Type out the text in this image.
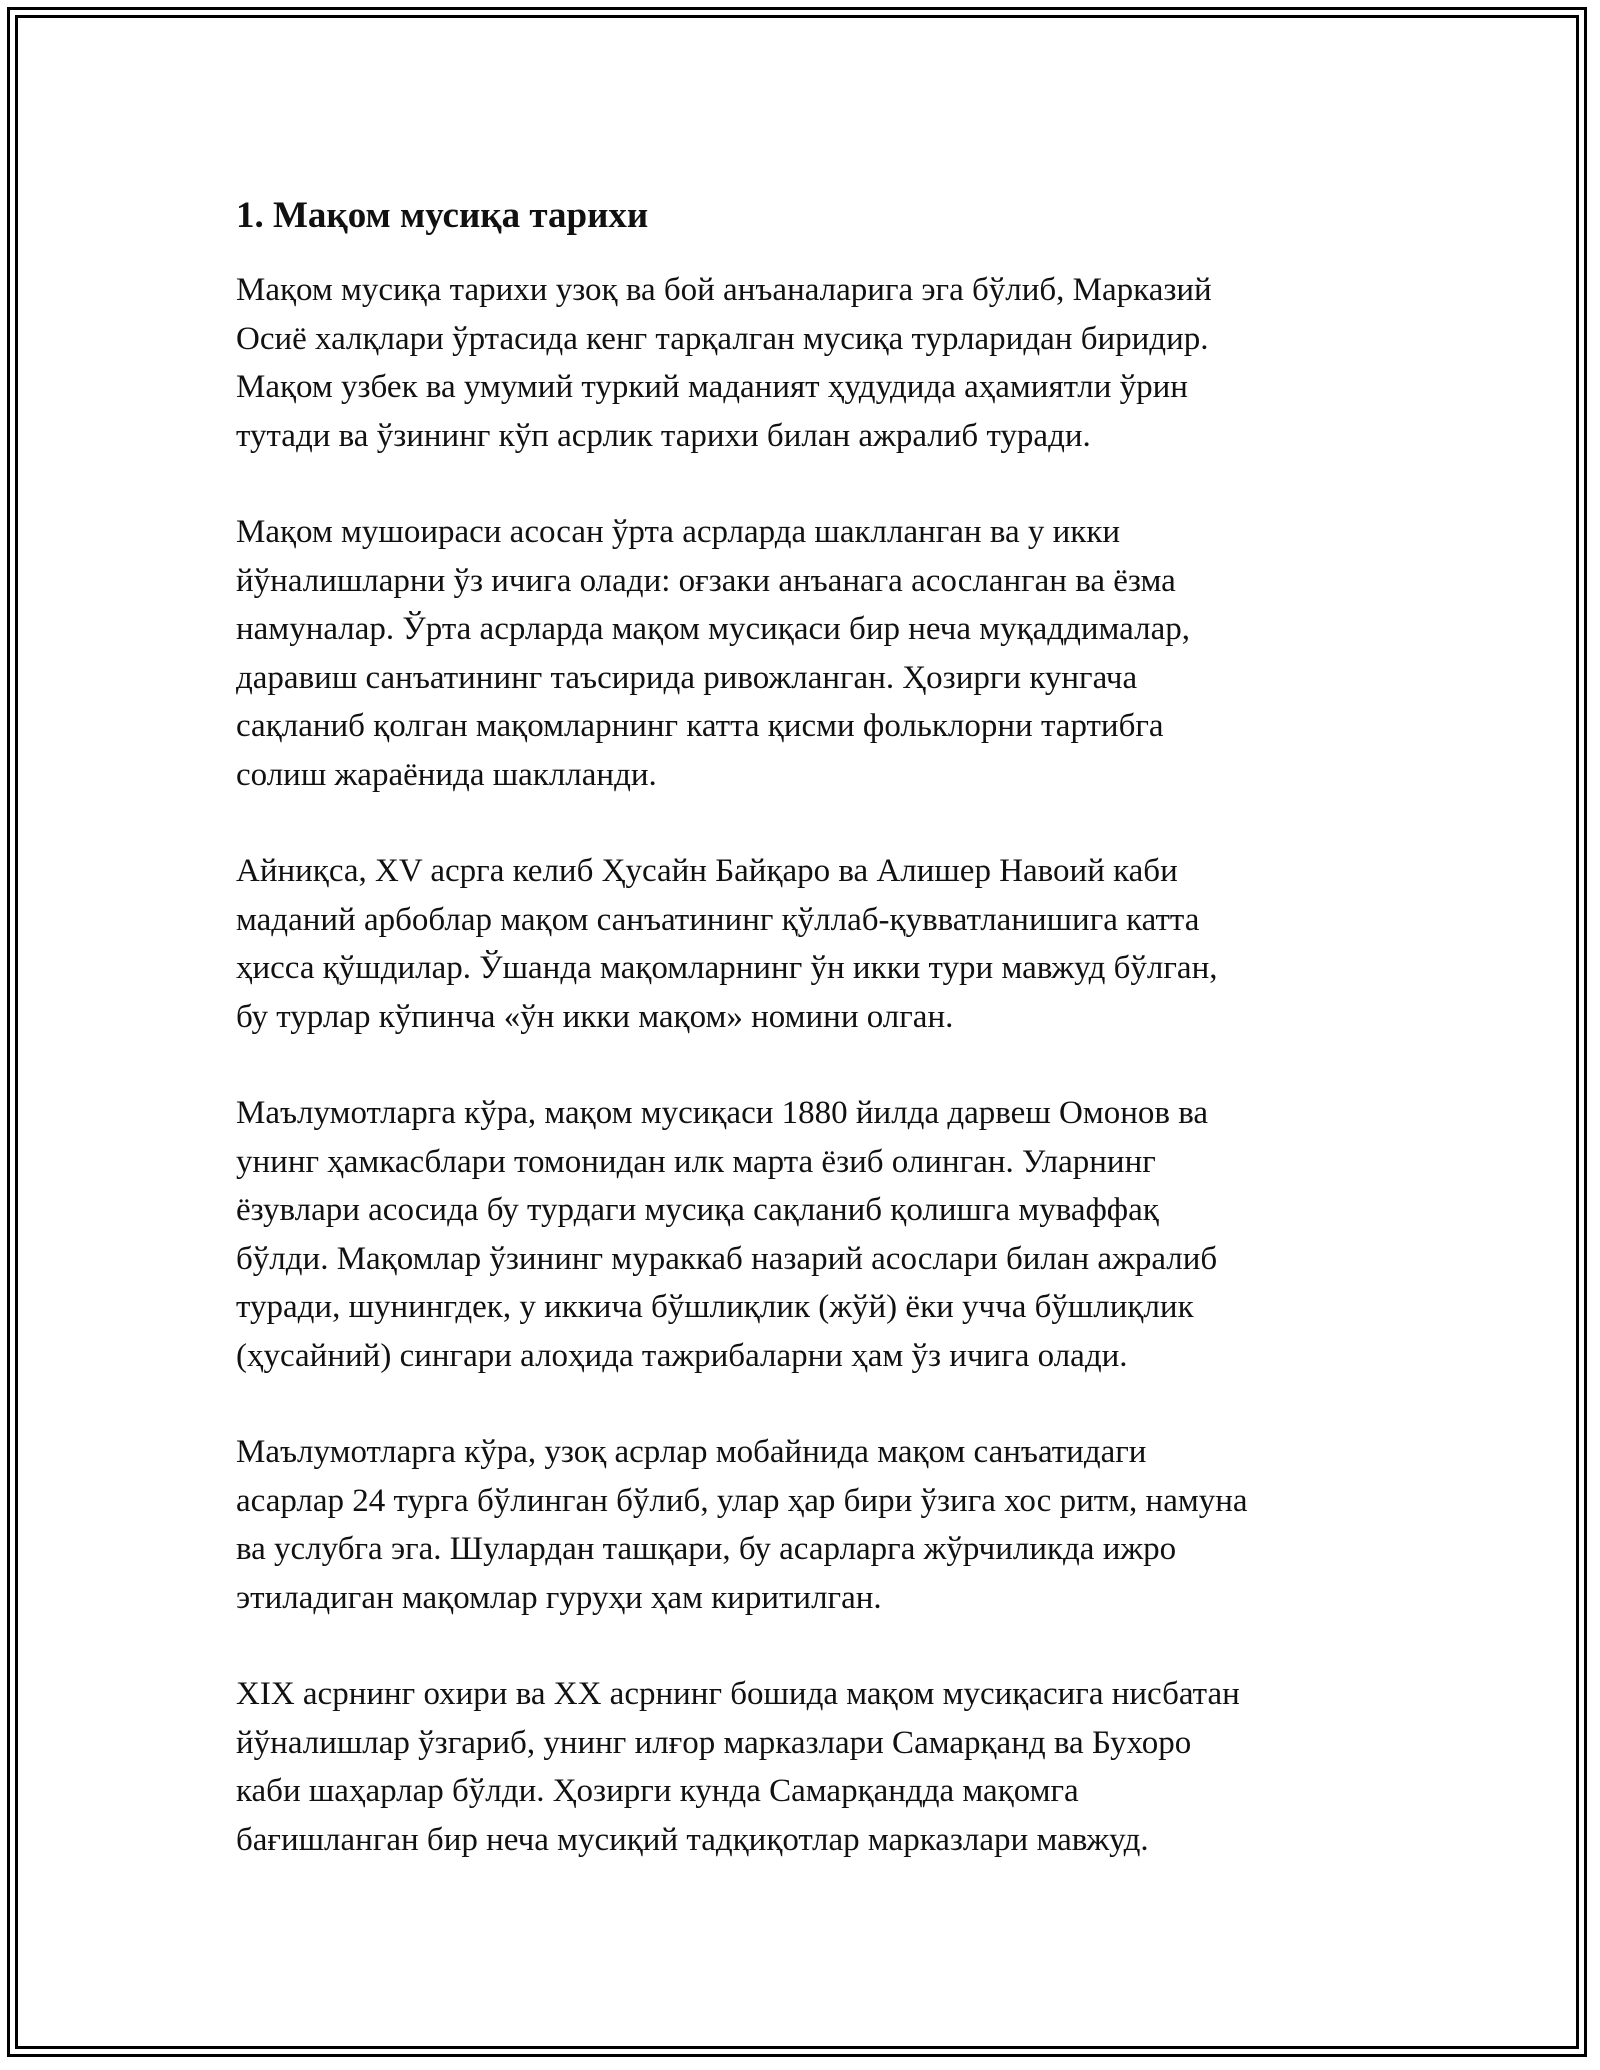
1. Мақом мусиқа тарихи

Мақом мусиқа тарихи узоқ ва бой анъаналарига эга бўлиб, Марказий
Осиё халқлари ўртасида кенг тарқалган мусиқа турларидан биридир.
Мақом узбек ва умумий туркий маданият ҳудудида аҳамиятли ўрин
тутади ва ўзининг кўп асрлик тарихи билан ажралиб туради.

Мақом мушоираси асосан ўрта асрларда шаклланган ва у икки
йўналишларни ўз ичига олади: оғзаки анъанага асосланган ва ёзма
намуналар. Ўрта асрларда мақом мусиқаси бир неча муқаддималар,
даравиш санъатининг таъсирида ривожланган. Ҳозирги кунгача
сақланиб қолган мақомларнинг катта қисми фольклорни тартибга
солиш жараёнида шаклланди.

Айниқса, XV асрга келиб Ҳусайн Байқаро ва Алишер Навоий каби
маданий арбоблар мақом санъатининг қўллаб-қувватланишига катта
ҳисса қўшдилар. Ўшанда мақомларнинг ўн икки тури мавжуд бўлган,
бу турлар кўпинча «ўн икки мақом» номини олган.

Маълумотларга кўра, мақом мусиқаси 1880 йилда дарвеш Омонов ва
унинг ҳамкасблари томонидан илк марта ёзиб олинган. Уларнинг
ёзувлари асосида бу турдаги мусиқа сақланиб қолишга муваффақ
бўлди. Мақомлар ўзининг мураккаб назарий асослари билан ажралиб
туради, шунингдек, у иккича бўшлиқлик (жўй) ёки учча бўшлиқлик
(ҳусайний) сингари алоҳида тажрибаларни ҳам ўз ичига олади.

Маълумотларга кўра, узоқ асрлар мобайнида мақом санъатидаги
асарлар 24 турга бўлинган бўлиб, улар ҳар бири ўзига хос ритм, намуна
ва услубга эга. Шулардан ташқари, бу асарларга жўрчиликда ижро
этиладиган мақомлар гуруҳи ҳам киритилган.

XIX асрнинг охири ва XX асрнинг бошида мақом мусиқасига нисбатан
йўналишлар ўзгариб, унинг илғор марказлари Самарқанд ва Бухоро
каби шаҳарлар бўлди. Ҳозирги кунда Самарқандда мақомга
бағишланган бир неча мусиқий тадқиқотлар марказлари мавжуд.
